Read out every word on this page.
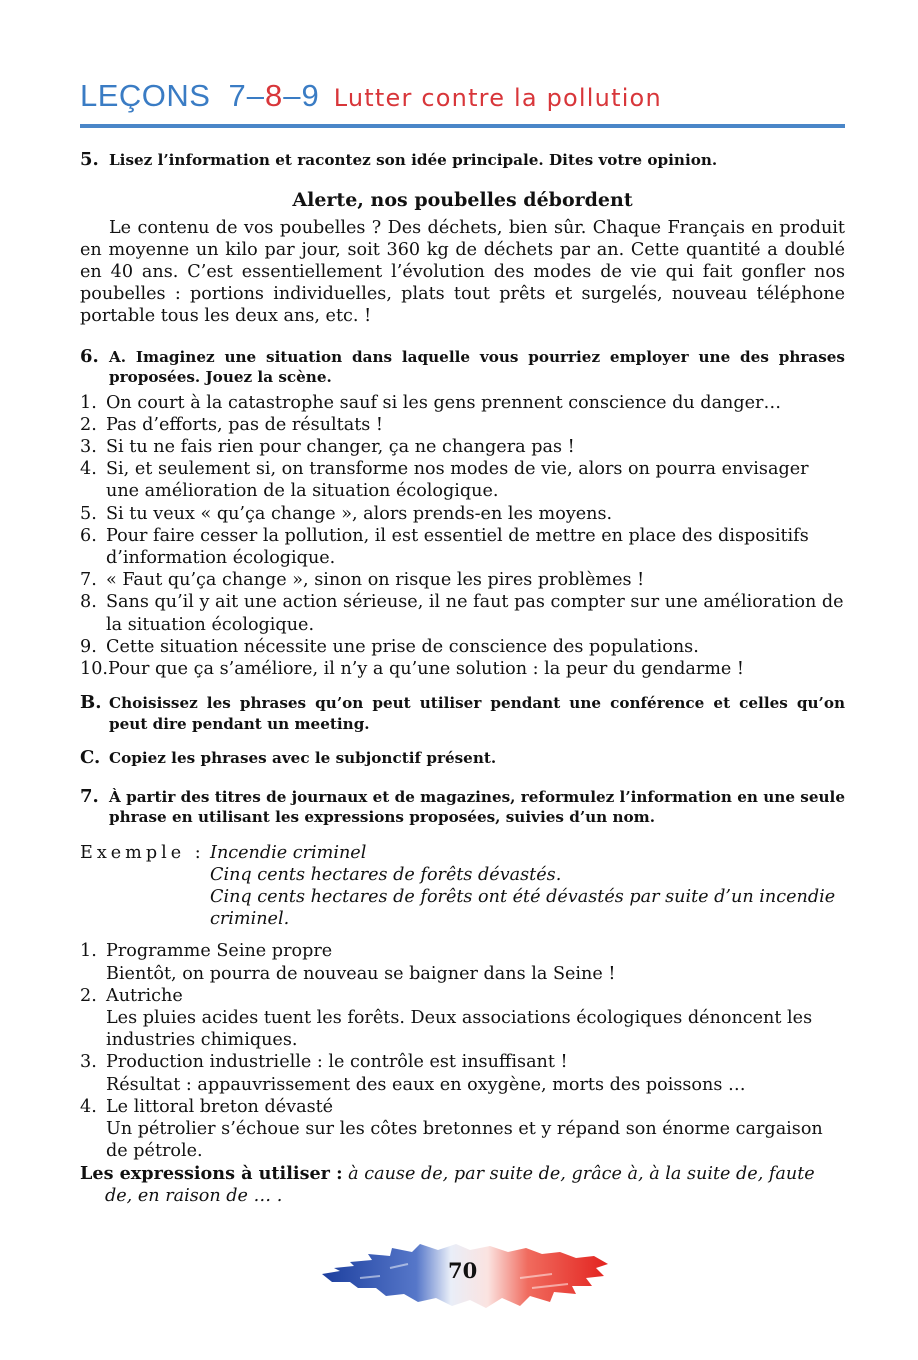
LEÇONS 7–8–9 Lutter contre la pollution
5. Lisez l’information et racontez son idée principale. Dites votre opinion.
Alerte, nos poubelles débordent
Le contenu de vos poubelles ? Des déchets, bien sûr. Chaque Français en produit en moyenne un kilo par jour, soit 360 kg de déchets par an. Cette quantité a doublé en 40 ans. C’est essentiellement l’évolution des modes de vie qui fait gonfler nos poubelles : portions individuelles, plats tout prêts et surgelés, nouveau téléphone portable tous les deux ans, etc. !
6. A. Imaginez une situation dans laquelle vous pourriez employer une des phrases proposées. Jouez la scène.
1. On court à la catastrophe sauf si les gens prennent conscience du danger…
2. Pas d’efforts, pas de résultats !
3. Si tu ne fais rien pour changer, ça ne changera pas !
4. Si, et seulement si, on transforme nos modes de vie, alors on pourra envisager une amélioration de la situation écologique.
5. Si tu veux « qu’ça change », alors prends-en les moyens.
6. Pour faire cesser la pollution, il est essentiel de mettre en place des dispositifs d’information écologique.
7. « Faut qu’ça change », sinon on risque les pires problèmes !
8. Sans qu’il y ait une action sérieuse, il ne faut pas compter sur une amélioration de la situation écologique.
9. Cette situation nécessite une prise de conscience des populations.
10. Pour que ça s’améliore, il n’y a qu’une solution : la peur du gendarme !
B. Choisissez les phrases qu’on peut utiliser pendant une conférence et celles qu’on peut dire pendant un meeting.
C. Copiez les phrases avec le subjonctif présent.
7. À partir des titres de journaux et de magazines, reformulez l’information en une seule phrase en utilisant les expressions proposées, suivies d’un nom.
Exemple : Incendie criminel
Cinq cents hectares de forêts dévastés.
Cinq cents hectares de forêts ont été dévastés par suite d’un incendie criminel.
1. Programme Seine propre
Bientôt, on pourra de nouveau se baigner dans la Seine !
2. Autriche
Les pluies acides tuent les forêts. Deux associations écologiques dénoncent les industries chimiques.
3. Production industrielle : le contrôle est insuffisant !
Résultat : appauvrissement des eaux en oxygène, morts des poissons …
4. Le littoral breton dévasté
Un pétrolier s’échoue sur les côtes bretonnes et y répand son énorme cargaison de pétrole.
Les expressions à utiliser : à cause de, par suite de, grâce à, à la suite de, faute de, en raison de … .
70
